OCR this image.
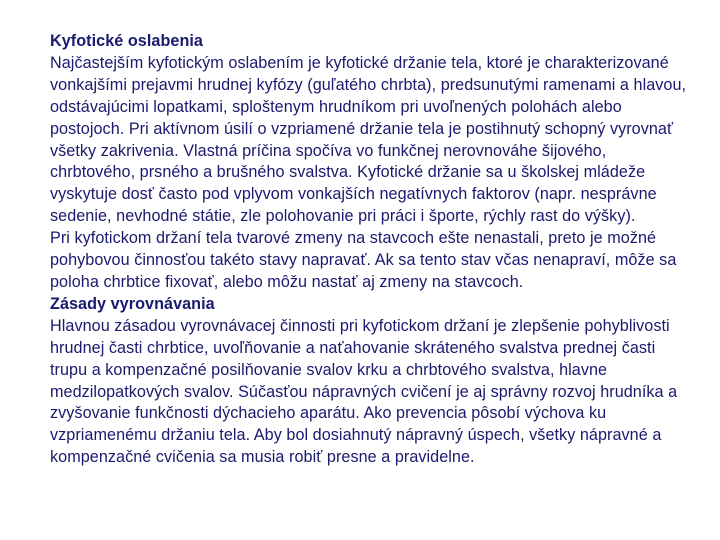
Kyfotické oslabenia
Najčastejším kyfotickým oslabením je kyfotické držanie tela, ktoré je charakterizované vonkajšími prejavmi hrudnej kyfózy (guľatého chrbta), predsunutými ramenami a hlavou, odstávajúcimi lopatkami, sploštenym hrudníkom pri uvoľnených polohách alebo postojoch. Pri aktívnom úsilí o vzpriamené držanie tela je postihnutý schopný vyrovnať všetky zakrivenia. Vlastná príčina spočíva vo funkčnej nerovnováhe šijového, chrbtového, prsného a brušného svalstva. Kyfotické držanie sa u školskej mládeže vyskytuje dosť často pod vplyvom vonkajších negatívnych faktorov (napr. nesprávne sedenie, nevhodné státie, zle polohovanie pri práci i športe, rýchly rast do výšky).
Pri kyfotickom držaní tela tvarové zmeny na stavcoch ešte nenastali, preto je možné pohybovou činnosťou takéto stavy napravať. Ak sa tento stav včas nenapraví, môže sa poloha chrbtice fixovať, alebo môžu nastať aj zmeny na stavcoch.
Zásady vyrovnávania
Hlavnou zásadou vyrovnávacej činnosti pri kyfotickom držaní je zlepšenie pohyblivosti hrudnej časti chrbtice, uvoľňovanie a naťahovanie skráteného svalstva prednej časti trupu a kompenzačné posilňovanie svalov krku a chrbtového svalstva, hlavne medzilopatkových svalov. Súčasťou nápravných cvičení je aj správny rozvoj hrudníka a zvyšovanie funkčnosti dýchacieho aparátu. Ako prevencia pôsobí výchova ku vzpriamenému držaniu tela. Aby bol dosiahnutý nápravný úspech, všetky nápravné a kompenzačné cvičenia sa musia robiť presne a pravidelne.
